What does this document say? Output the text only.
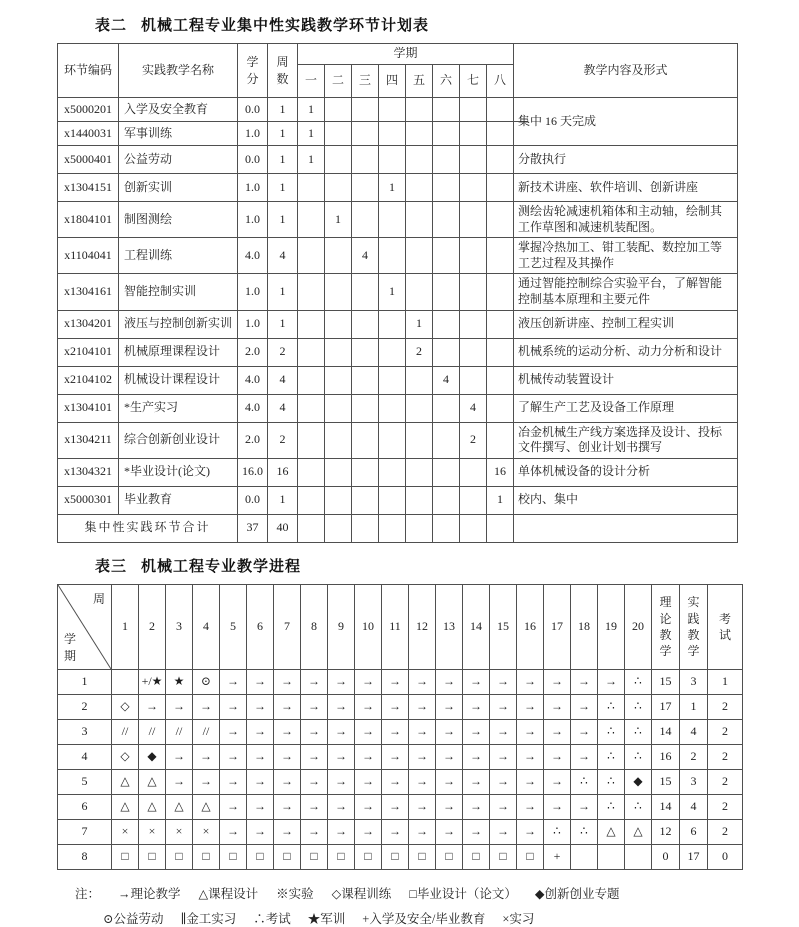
表二 机械工程专业集中性实践教学环节计划表
环节编码	实践教学名称	学分	周数	学期								教学内容及形式
				一	二	三	四	五	六	七	八	
x5000201	入学及安全教育	0.0	1	1								集中 16 天完成
x1440031	军事训练	1.0	1	1								
x5000401	公益劳动	0.0	1	1								分散执行
x1304151	创新实训	1.0	1				1					新技术讲座、软件培训、创新讲座
x1804101	制图测绘	1.0	1		1							测绘齿轮减速机箱体和主动轴，绘制其工作草图和减速机装配图。
x1104041	工程训练	4.0	4			4						掌握冷热加工、钳工装配、数控加工等工艺过程及其操作
x1304161	智能控制实训	1.0	1				1					通过智能控制综合实验平台，了解智能控制基本原理和主要元件
x1304201	液压与控制创新实训	1.0	1					1				液压创新讲座、控制工程实训
x2104101	机械原理课程设计	2.0	2					2				机械系统的运动分析、动力分析和设计
x2104102	机械设计课程设计	4.0	4						4			机械传动装置设计
x1304101	*生产实习	4.0	4							4		了解生产工艺及设备工作原理
x1304211	综合创新创业设计	2.0	2							2		冶金机械生产线方案选择及设计、投标文件撰写、创业计划书撰写
x1304321	*毕业设计(论文)	16.0	16								16	单体机械设备的设计分析
x5000301	毕业教育	0.0	1								1	校内、集中
集中性实践环节合计		37	40									
表三 机械工程专业教学进程
周
学期	1	2	3	4	5	6	7	8	9	10	11	12	13	14	15	16	17	18	19	20	理论教学	实践教学	考试
1		+/★	★	⊙	→	→	→	→	→	→	→	→	→	→	→	→	→	→	→	∴	15	3	1
2	◇	→	→	→	→	→	→	→	→	→	→	→	→	→	→	→	→	→	∴	∴	17	1	2
3	//	//	//	//	→	→	→	→	→	→	→	→	→	→	→	→	→	→	∴	∴	14	4	2
4	◇	◆	→	→	→	→	→	→	→	→	→	→	→	→	→	→	→	→	∴	∴	16	2	2
5	△	△	→	→	→	→	→	→	→	→	→	→	→	→	→	→	→	∴	∴	◆	15	3	2
6	△	△	△	△	→	→	→	→	→	→	→	→	→	→	→	→	→	→	∴	∴	14	4	2
7	×	×	×	×	→	→	→	→	→	→	→	→	→	→	→	→	∴	∴	△	△	12	6	2
8	□	□	□	□	□	□	□	□	□	□	□	□	□	□	□	□	+				0	17	0
注： →理论教学 △课程设计 ※实验 ◇课程训练 □毕业设计（论文） ◆创新创业专题
⊙公益劳动 ∥金工实习 ∴考试 ★军训 +入学及安全/毕业教育 ×实习
